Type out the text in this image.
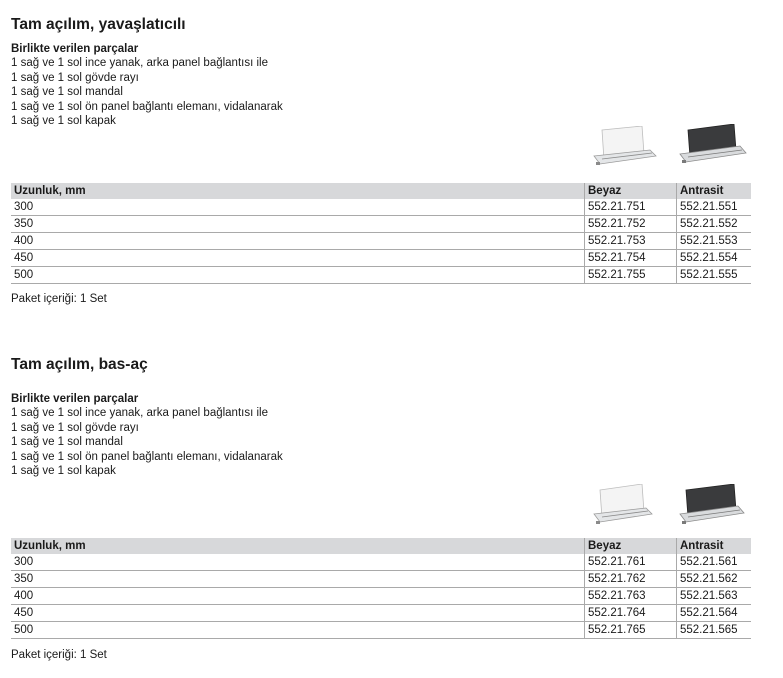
Tam açılım, yavaşlatıcılı
Birlikte verilen parçalar
1 sağ ve 1 sol ince yanak, arka panel bağlantısı ile
1 sağ ve 1 sol gövde rayı
1 sağ ve 1 sol mandal
1 sağ ve 1 sol ön panel bağlantı elemanı, vidalanarak
1 sağ ve 1 sol kapak
Uzunluk, mm	Beyaz	Antrasit
300	552.21.751	552.21.551
350	552.21.752	552.21.552
400	552.21.753	552.21.553
450	552.21.754	552.21.554
500	552.21.755	552.21.555
Paket içeriği: 1 Set
Tam açılım, bas-aç
Birlikte verilen parçalar
1 sağ ve 1 sol ince yanak, arka panel bağlantısı ile
1 sağ ve 1 sol gövde rayı
1 sağ ve 1 sol mandal
1 sağ ve 1 sol ön panel bağlantı elemanı, vidalanarak
1 sağ ve 1 sol kapak
Uzunluk, mm	Beyaz	Antrasit
300	552.21.761	552.21.561
350	552.21.762	552.21.562
400	552.21.763	552.21.563
450	552.21.764	552.21.564
500	552.21.765	552.21.565
Paket içeriği: 1 Set
